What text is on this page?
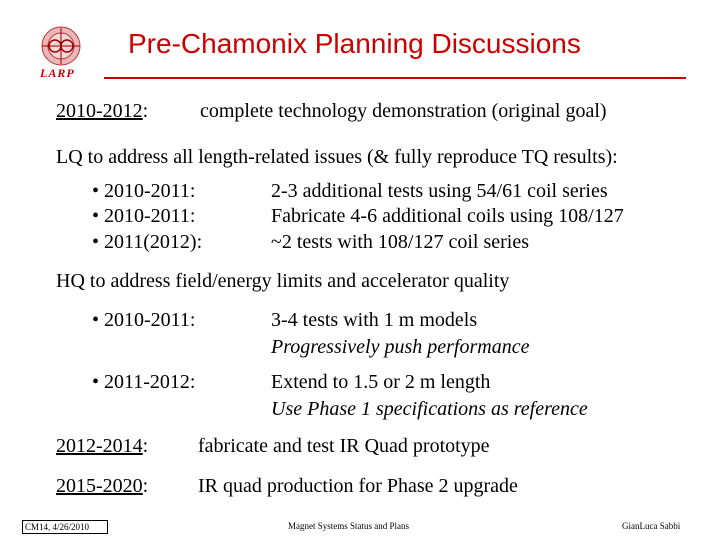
LARP
Pre-Chamonix Planning Discussions
2010-2012:	complete technology demonstration (original goal)
LQ to address all length-related issues (& fully reproduce TQ results):
• 2010-2011:	2-3 additional tests using 54/61 coil series
• 2010-2011:	Fabricate 4-6 additional coils using 108/127
• 2011(2012):	~2 tests with 108/127 coil series
HQ to address field/energy limits and accelerator quality
• 2010-2011:	3-4 tests with 1 m models
Progressively push performance
• 2011-2012:	Extend to 1.5 or 2 m length
Use Phase 1 specifications as reference
2012-2014: fabricate and test IR Quad prototype
2015-2020: IR quad production for Phase 2 upgrade
CM14, 4/26/2010	Magnet Systems Status and Plans	GianLuca Sabbi
